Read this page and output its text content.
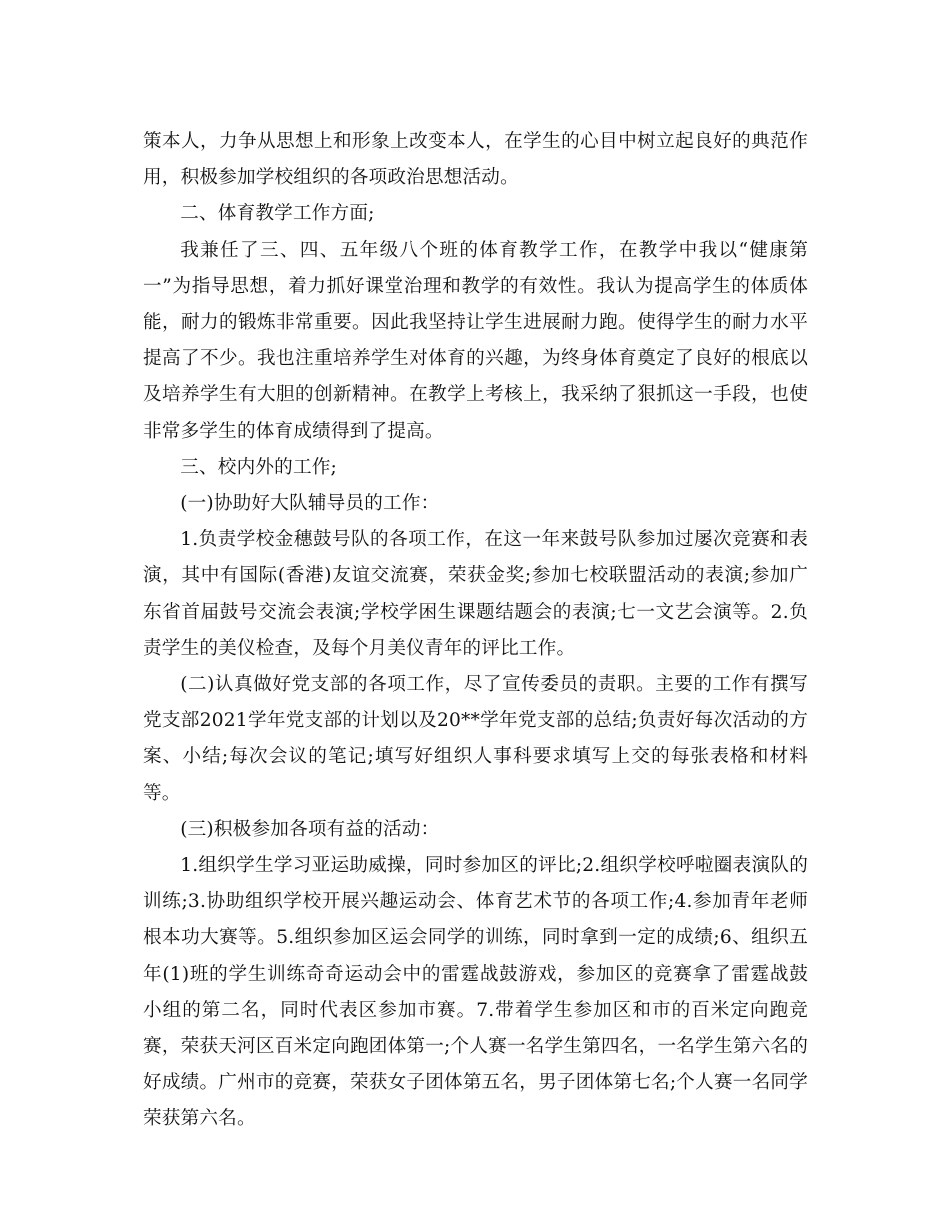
策本人，力争从思想上和形象上改变本人，在学生的心目中树立起良好的典范作用，积极参加学校组织的各项政治思想活动。

二、体育教学工作方面;

我兼任了三、四、五年级八个班的体育教学工作，在教学中我以“健康第一”为指导思想，着力抓好课堂治理和教学的有效性。我认为提高学生的体质体能，耐力的锻炼非常重要。因此我坚持让学生进展耐力跑。使得学生的耐力水平提高了不少。我也注重培养学生对体育的兴趣，为终身体育奠定了良好的根底以及培养学生有大胆的创新精神。在教学上考核上，我采纳了狠抓这一手段，也使非常多学生的体育成绩得到了提高。

三、校内外的工作;

(一)协助好大队辅导员的工作：

1.负责学校金穗鼓号队的各项工作，在这一年来鼓号队参加过屡次竞赛和表演，其中有国际(香港)友谊交流赛，荣获金奖;参加七校联盟活动的表演;参加广东省首届鼓号交流会表演;学校学困生课题结题会的表演;七一文艺会演等。2.负责学生的美仪检查，及每个月美仪青年的评比工作。

(二)认真做好党支部的各项工作，尽了宣传委员的责职。主要的工作有撰写党支部2021学年党支部的计划以及20**学年党支部的总结;负责好每次活动的方案、小结;每次会议的笔记;填写好组织人事科要求填写上交的每张表格和材料等。

(三)积极参加各项有益的活动：

1.组织学生学习亚运助威操，同时参加区的评比;2.组织学校呼啦圈表演队的训练;3.协助组织学校开展兴趣运动会、体育艺术节的各项工作;4.参加青年老师根本功大赛等。5.组织参加区运会同学的训练，同时拿到一定的成绩;6、组织五年(1)班的学生训练奇奇运动会中的雷霆战鼓游戏，参加区的竞赛拿了雷霆战鼓小组的第二名，同时代表区参加市赛。7.带着学生参加区和市的百米定向跑竞赛，荣获天河区百米定向跑团体第一;个人赛一名学生第四名，一名学生第六名的好成绩。广州市的竞赛，荣获女子团体第五名，男子团体第七名;个人赛一名同学荣获第六名。
